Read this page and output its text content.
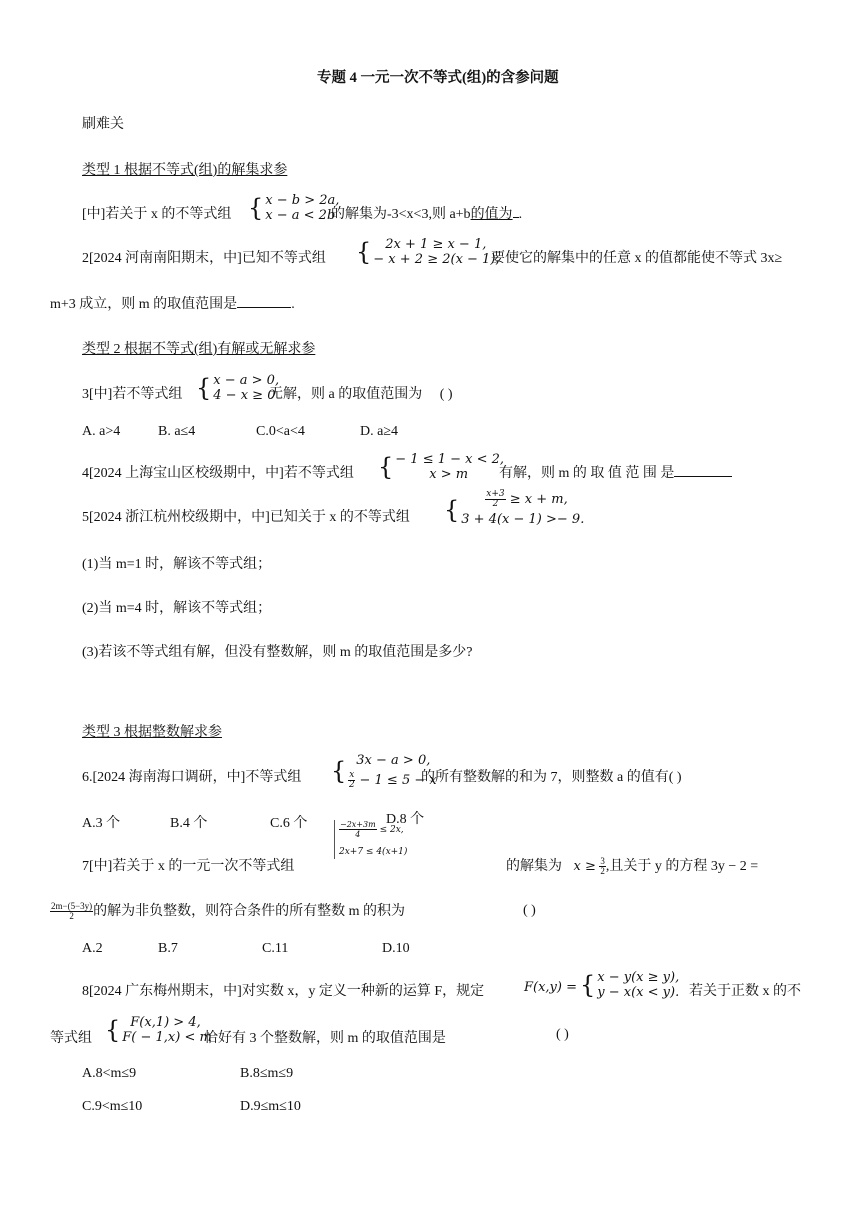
专题 4 一元一次不等式(组)的含参问题
刷难关
类型 1 根据不等式(组)的解集求参
[中]若关于 x 的不等式组 { x − b > 2a,
x − a < 2b
的解集为-3<x<3,则 a+b的值为 .
2[2024 河南南阳期末，中]已知不等式组 {	2x + 1 ≥ x − 1,
− x + 2 ≥ 2(x − 1),
要使它的解集中的任意 x 的值都能使不等式 3x≥
m+3 成立，则 m 的取值范围是	.
类型 2 根据不等式(组)有解或无解求参
3[中]若不等式组 { x − a > 0,
4 − x ≥ 0
无解，则 a 的取值范围为 ( )
A. a>4	B. a≤4	C.0<a<4	D. a≥4
4[2024 上海宝山区校级期中，中]若不等式组 { − 1 ≤ 1 − x < 2,
x > m	有解，则 m 的 取 值 范 围 是
5[2024 浙江杭州校级期中，中]已知关于 x 的不等式组 {	$\frac{x+3}{2} \ge x + m$,
3 + 4(x − 1) >− 9.
(1)当 m=1 时，解该不等式组；
(2)当 m=4 时，解该不等式组；
(3)若该不等式组有解，但没有整数解，则 m 的取值范围是多少?
类型 3 根据整数解求参
6.[2024 海南海口调研，中]不等式组 { 3x − a > 0,
$\frac{x}{2} - 1 \le 5 - x$
的所有整数解的和为 7，则整数 a 的值有( )
A.3 个	B.4 个	C.6 个	D.8 个
7[中]若关于 x 的一元一次不等式组
$\frac{-2x+3m}{4} \le 2x$,
2x+7 ≤ 4(x+1)
的解集为 $x \ge \frac{3}{2}$ ,且关于 y 的方程 3y − 2 =
$\frac{2m-(5-3y)}{2}$ 的解为非负整数，则符合条件的所有整数 m 的积为	( )
A.2	B.7	C.11	D.10
8[2024 广东梅州期末，中]对实数 x，y 定义一种新的运算 F，规定	F(x,y) = { x − y(x ≥ y),
y − x(x < y). 若关于正数 x 的不
等式组 { F(x,1) > 4,
F( − 1,x) < m
恰好有 3 个整数解，则 m 的取值范围是	( )
A.8<m≤9	B.8≤m≤9
C.9<m≤10	D.9≤m≤10
